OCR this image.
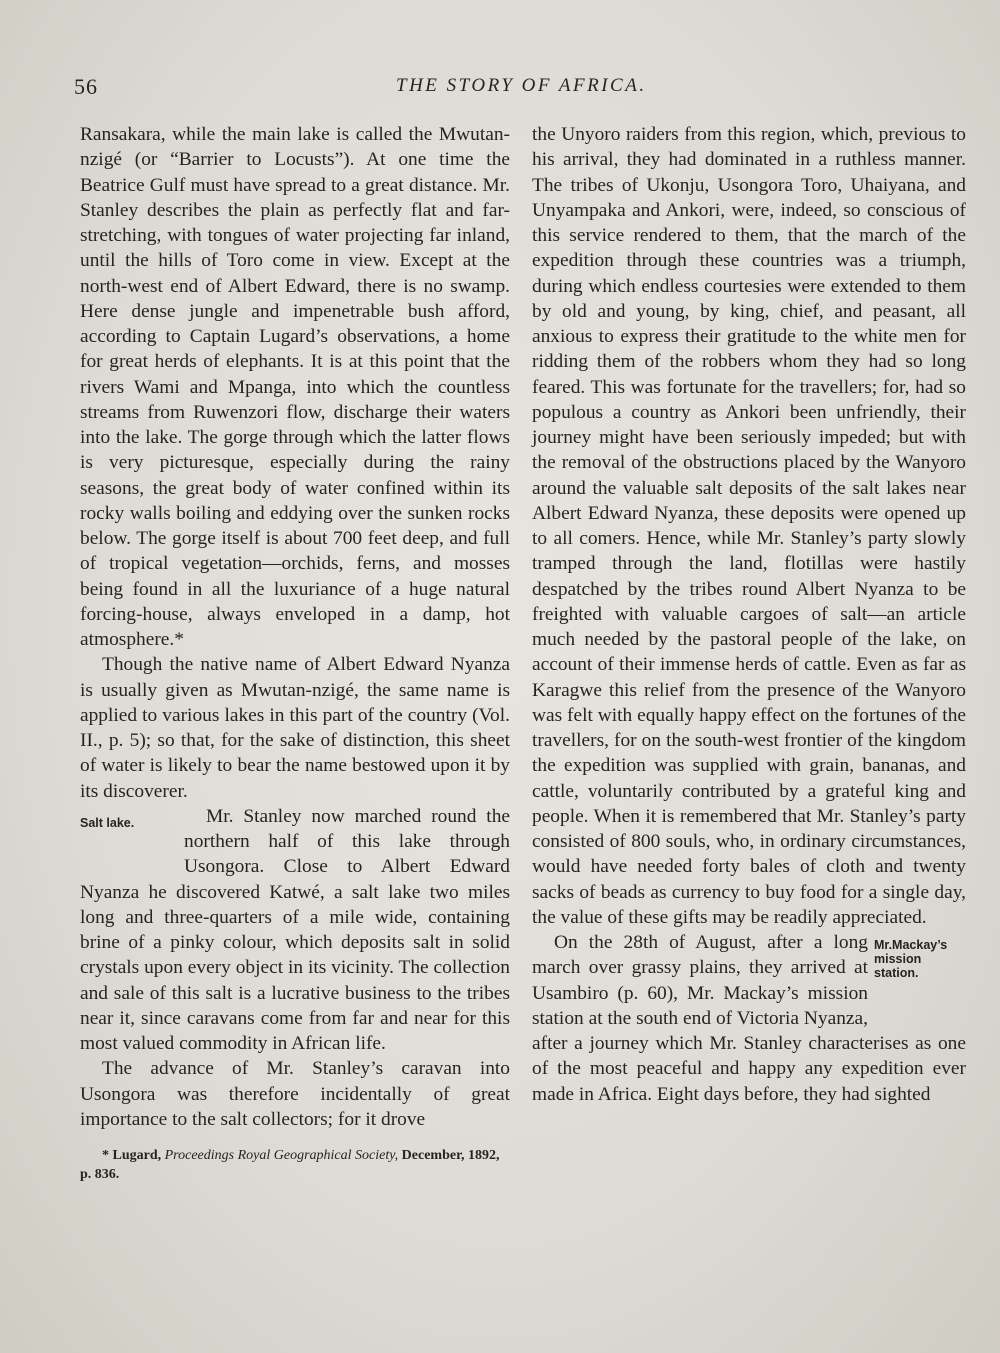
56	THE STORY OF AFRICA.

Ransakara, while the main lake is called the Mwutan-nzigé (or “Barrier to Locusts”). At one time the Beatrice Gulf must have spread to a great distance. Mr. Stanley describes the plain as perfectly flat and far-stretching, with tongues of water projecting far inland, until the hills of Toro come in view. Except at the north-west end of Albert Edward, there is no swamp. Here dense jungle and impenetrable bush afford, according to Captain Lugard’s observations, a home for great herds of elephants. It is at this point that the rivers Wami and Mpanga, into which the countless streams from Ruwenzori flow, discharge their waters into the lake. The gorge through which the latter flows is very picturesque, especially during the rainy seasons, the great body of water confined within its rocky walls boiling and eddying over the sunken rocks below. The gorge itself is about 700 feet deep, and full of tropical vegetation—orchids, ferns, and mosses being found in all the luxuriance of a huge natural forcing-house, always enveloped in a damp, hot atmosphere.*

Though the native name of Albert Edward Nyanza is usually given as Mwutan-nzigé, the same name is applied to various lakes in this part of the country (Vol. II., p. 5); so that, for the sake of distinction, this sheet of water is likely to bear the name bestowed upon it by its discoverer.

Salt lake.	Mr. Stanley now marched round the northern half of this lake through Usongora. Close to Albert Edward Nyanza he discovered Katwé, a salt lake two miles long and three-quarters of a mile wide, containing brine of a pinky colour, which deposits salt in solid crystals upon every object in its vicinity. The collection and sale of this salt is a lucrative business to the tribes near it, since caravans come from far and near for this most valued commodity in African life.

The advance of Mr. Stanley’s caravan into Usongora was therefore incidentally of great importance to the salt collectors; for it drove

* Lugard, Proceedings Royal Geographical Society, December, 1892, p. 836.

the Unyoro raiders from this region, which, previous to his arrival, they had dominated in a ruthless manner. The tribes of Ukonju, Usongora Toro, Uhaiyana, and Unyampaka and Ankori, were, indeed, so conscious of this service rendered to them, that the march of the expedition through these countries was a triumph, during which endless courtesies were extended to them by old and young, by king, chief, and peasant, all anxious to express their gratitude to the white men for ridding them of the robbers whom they had so long feared. This was fortunate for the travellers; for, had so populous a country as Ankori been unfriendly, their journey might have been seriously impeded; but with the removal of the obstructions placed by the Wanyoro around the valuable salt deposits of the salt lakes near Albert Edward Nyanza, these deposits were opened up to all comers. Hence, while Mr. Stanley’s party slowly tramped through the land, flotillas were hastily despatched by the tribes round Albert Nyanza to be freighted with valuable cargoes of salt—an article much needed by the pastoral people of the lake, on account of their immense herds of cattle. Even as far as Karagwe this relief from the presence of the Wanyoro was felt with equally happy effect on the fortunes of the travellers, for on the south-west frontier of the kingdom the expedition was supplied with grain, bananas, and cattle, voluntarily contributed by a grateful king and people. When it is remembered that Mr. Stanley’s party consisted of 800 souls, who, in ordinary circumstances, would have needed forty bales of cloth and twenty sacks of beads as currency to buy food for a single day, the value of these gifts may be readily appreciated.

Mr.Mackay’s mission station.
On the 28th of August, after a long march over grassy plains, they arrived at Usambiro (p. 60), Mr. Mackay’s mission station at the south end of Victoria Nyanza, after a journey which Mr. Stanley characterises as one of the most peaceful and happy any expedition ever made in Africa. Eight days before, they had sighted
